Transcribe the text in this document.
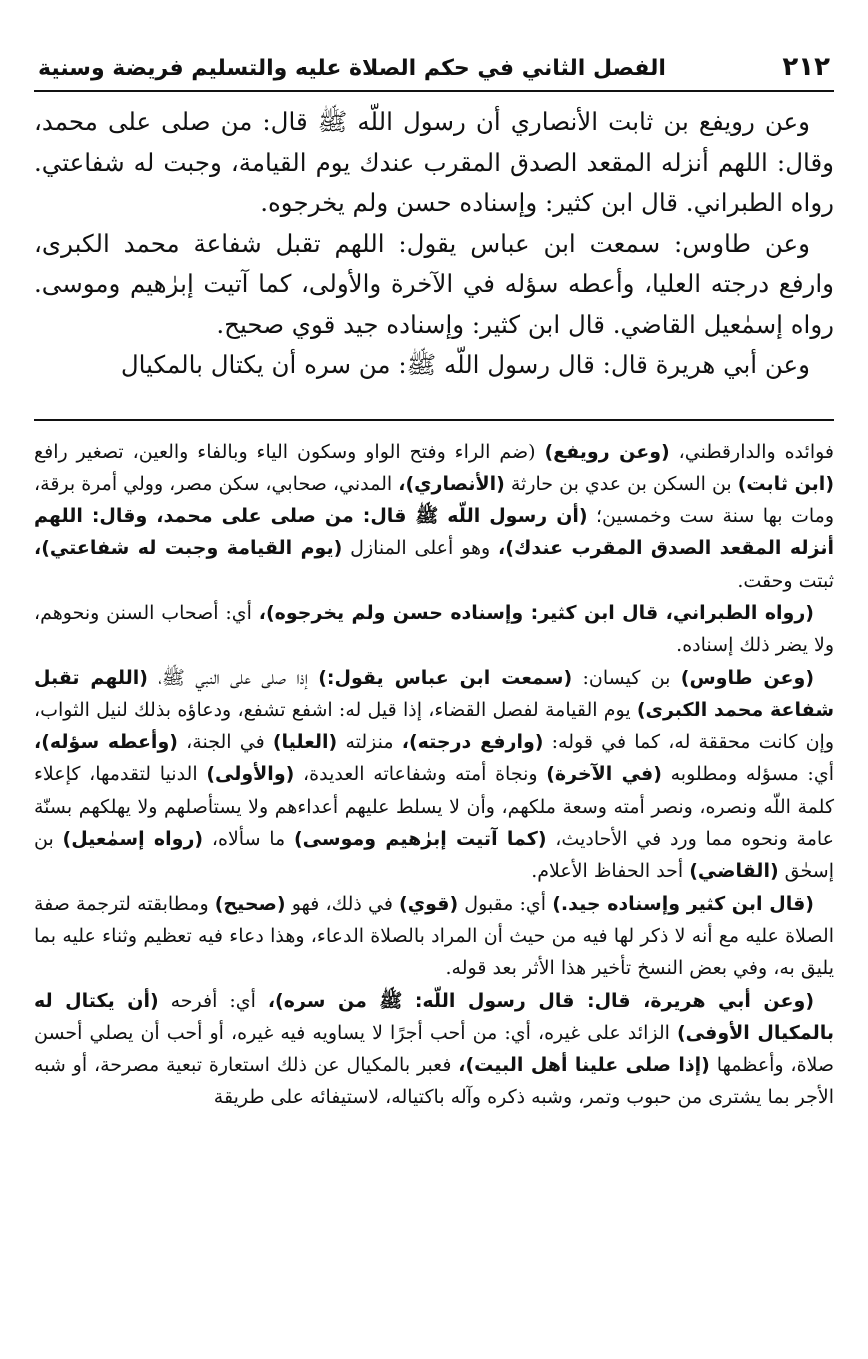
٢١٢
الفصل الثاني في حكم الصلاة عليه والتسليم فريضة وسنية

وعن رويفع بن ثابت الأنصاري أن رسول اللّه ﷺ قال: من صلى على محمد، وقال: اللهم أنزله المقعد الصدق المقرب عندك يوم القيامة، وجبت له شفاعتي. رواه الطبراني. قال ابن كثير: وإسناده حسن ولم يخرجوه.

وعن طاوس: سمعت ابن عباس يقول: اللهم تقبل شفاعة محمد الكبرى، وارفع درجته العليا، وأعطه سؤله في الآخرة والأولى، كما آتيت إبرٰهيم وموسى. رواه إسمٰعيل القاضي. قال ابن كثير: وإسناده جيد قوي صحيح.

وعن أبي هريرة قال: قال رسول اللّه ﷺ: من سره أن يكتال بالمكيال

فوائده والدارقطني، (وعن رويفع) (ضم الراء وفتح الواو وسكون الياء وبالفاء والعين، تصغير رافع (ابن ثابت) بن السكن بن عدي بن حارثة (الأنصاري)، المدني، صحابي، سكن مصر، وولي أمرة برقة، ومات بها سنة ست وخمسين؛ (أن رسول اللّه ﷺ قال: من صلى على محمد، وقال: اللهم أنزله المقعد الصدق المقرب عندك)، وهو أعلى المنازل (يوم القيامة وجبت له شفاعتي)، ثبتت وحقت.

(رواه الطبراني، قال ابن كثير: وإسناده حسن ولم يخرجوه)، أي: أصحاب السنن ونحوهم، ولا يضر ذلك إسناده.

(وعن طاوس) بن كيسان: (سمعت ابن عباس يقول:) إذا صلى على النبي ﷺ، (اللهم تقبل شفاعة محمد الكبرى) يوم القيامة لفصل القضاء، إذا قيل له: اشفع تشفع، ودعاؤه بذلك لنيل الثواب، وإن كانت محققة له، كما في قوله: (وارفع درجته)، منزلته (العليا) في الجنة، (وأعطه سؤله)، أي: مسؤله ومطلوبه (في الآخرة) ونجاة أمته وشفاعاته العديدة، (والأولى) الدنيا لتقدمها، كإعلاء كلمة اللّه ونصره، ونصر أمته وسعة ملكهم، وأن لا يسلط عليهم أعداءهم ولا يستأصلهم ولا يهلكهم بسنّة عامة ونحوه مما ورد في الأحاديث، (كما آتيت إبرٰهيم وموسى) ما سألاه، (رواه إسمٰعيل) بن إسحٰق (القاضي) أحد الحفاظ الأعلام.

(قال ابن كثير وإسناده جيد.) أي: مقبول (قوي) في ذلك، فهو (صحيح) ومطابقته لترجمة صفة الصلاة عليه مع أنه لا ذكر لها فيه من حيث أن المراد بالصلاة الدعاء، وهذا دعاء فيه تعظيم وثناء عليه بما يليق به، وفي بعض النسخ تأخير هذا الأثر بعد قوله.

(وعن أبي هريرة، قال: قال رسول اللّه: ﷺ من سره)، أي: أفرحه (أن يكتال له بالمكيال الأوفى) الزائد على غيره، أي: من أحب أجرًا لا يساويه فيه غيره، أو أحب أن يصلي أحسن صلاة، وأعظمها (إذا صلى علينا أهل البيت)، فعبر بالمكيال عن ذلك استعارة تبعية مصرحة، أو شبه الأجر بما يشترى من حبوب وتمر، وشبه ذكره وآله باكتياله، لاستيفائه على طريقة
